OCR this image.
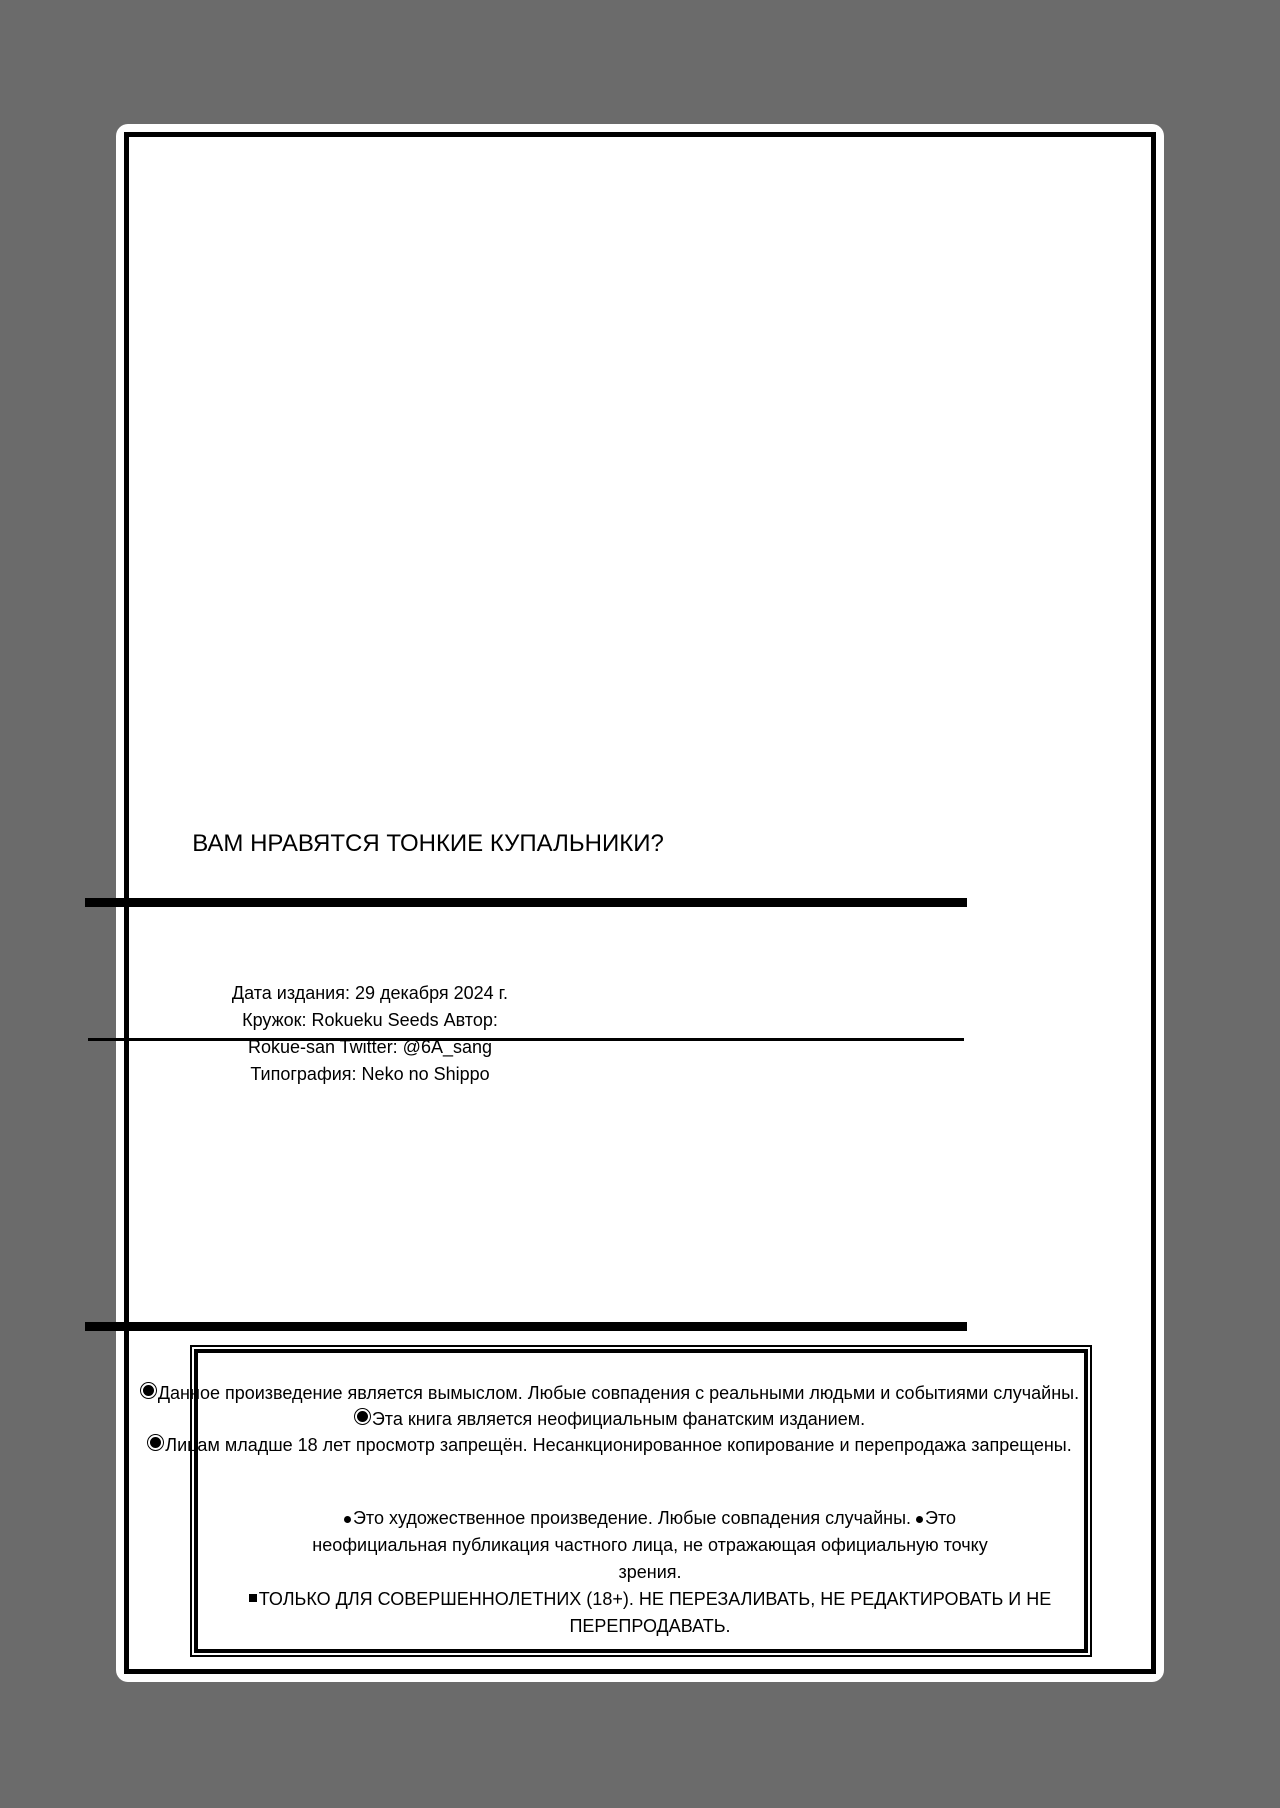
ВАМ НРАВЯТСЯ ТОНКИЕ КУПАЛЬНИКИ?
Дата издания: 29 декабря 2024 г.
Кружок: Rokueku Seeds Автор:
Rokue-san Twitter: @6A_sang
Типография: Neko no Shippo
Данное произведение является вымыслом. Любые совпадения с реальными людьми и событиями случайны.
Эта книга является неофициальным фанатским изданием.
Лицам младше 18 лет просмотр запрещён. Несанкционированное копирование и перепродажа запрещены.
Это художественное произведение. Любые совпадения случайны. Это неофициальная публикация частного лица, не отражающая официальную точку зрения.
ТОЛЬКО ДЛЯ СОВЕРШЕННОЛЕТНИХ (18+). НЕ ПЕРЕЗАЛИВАТЬ, НЕ РЕДАКТИРОВАТЬ И НЕ ПЕРЕПРОДАВАТЬ.
